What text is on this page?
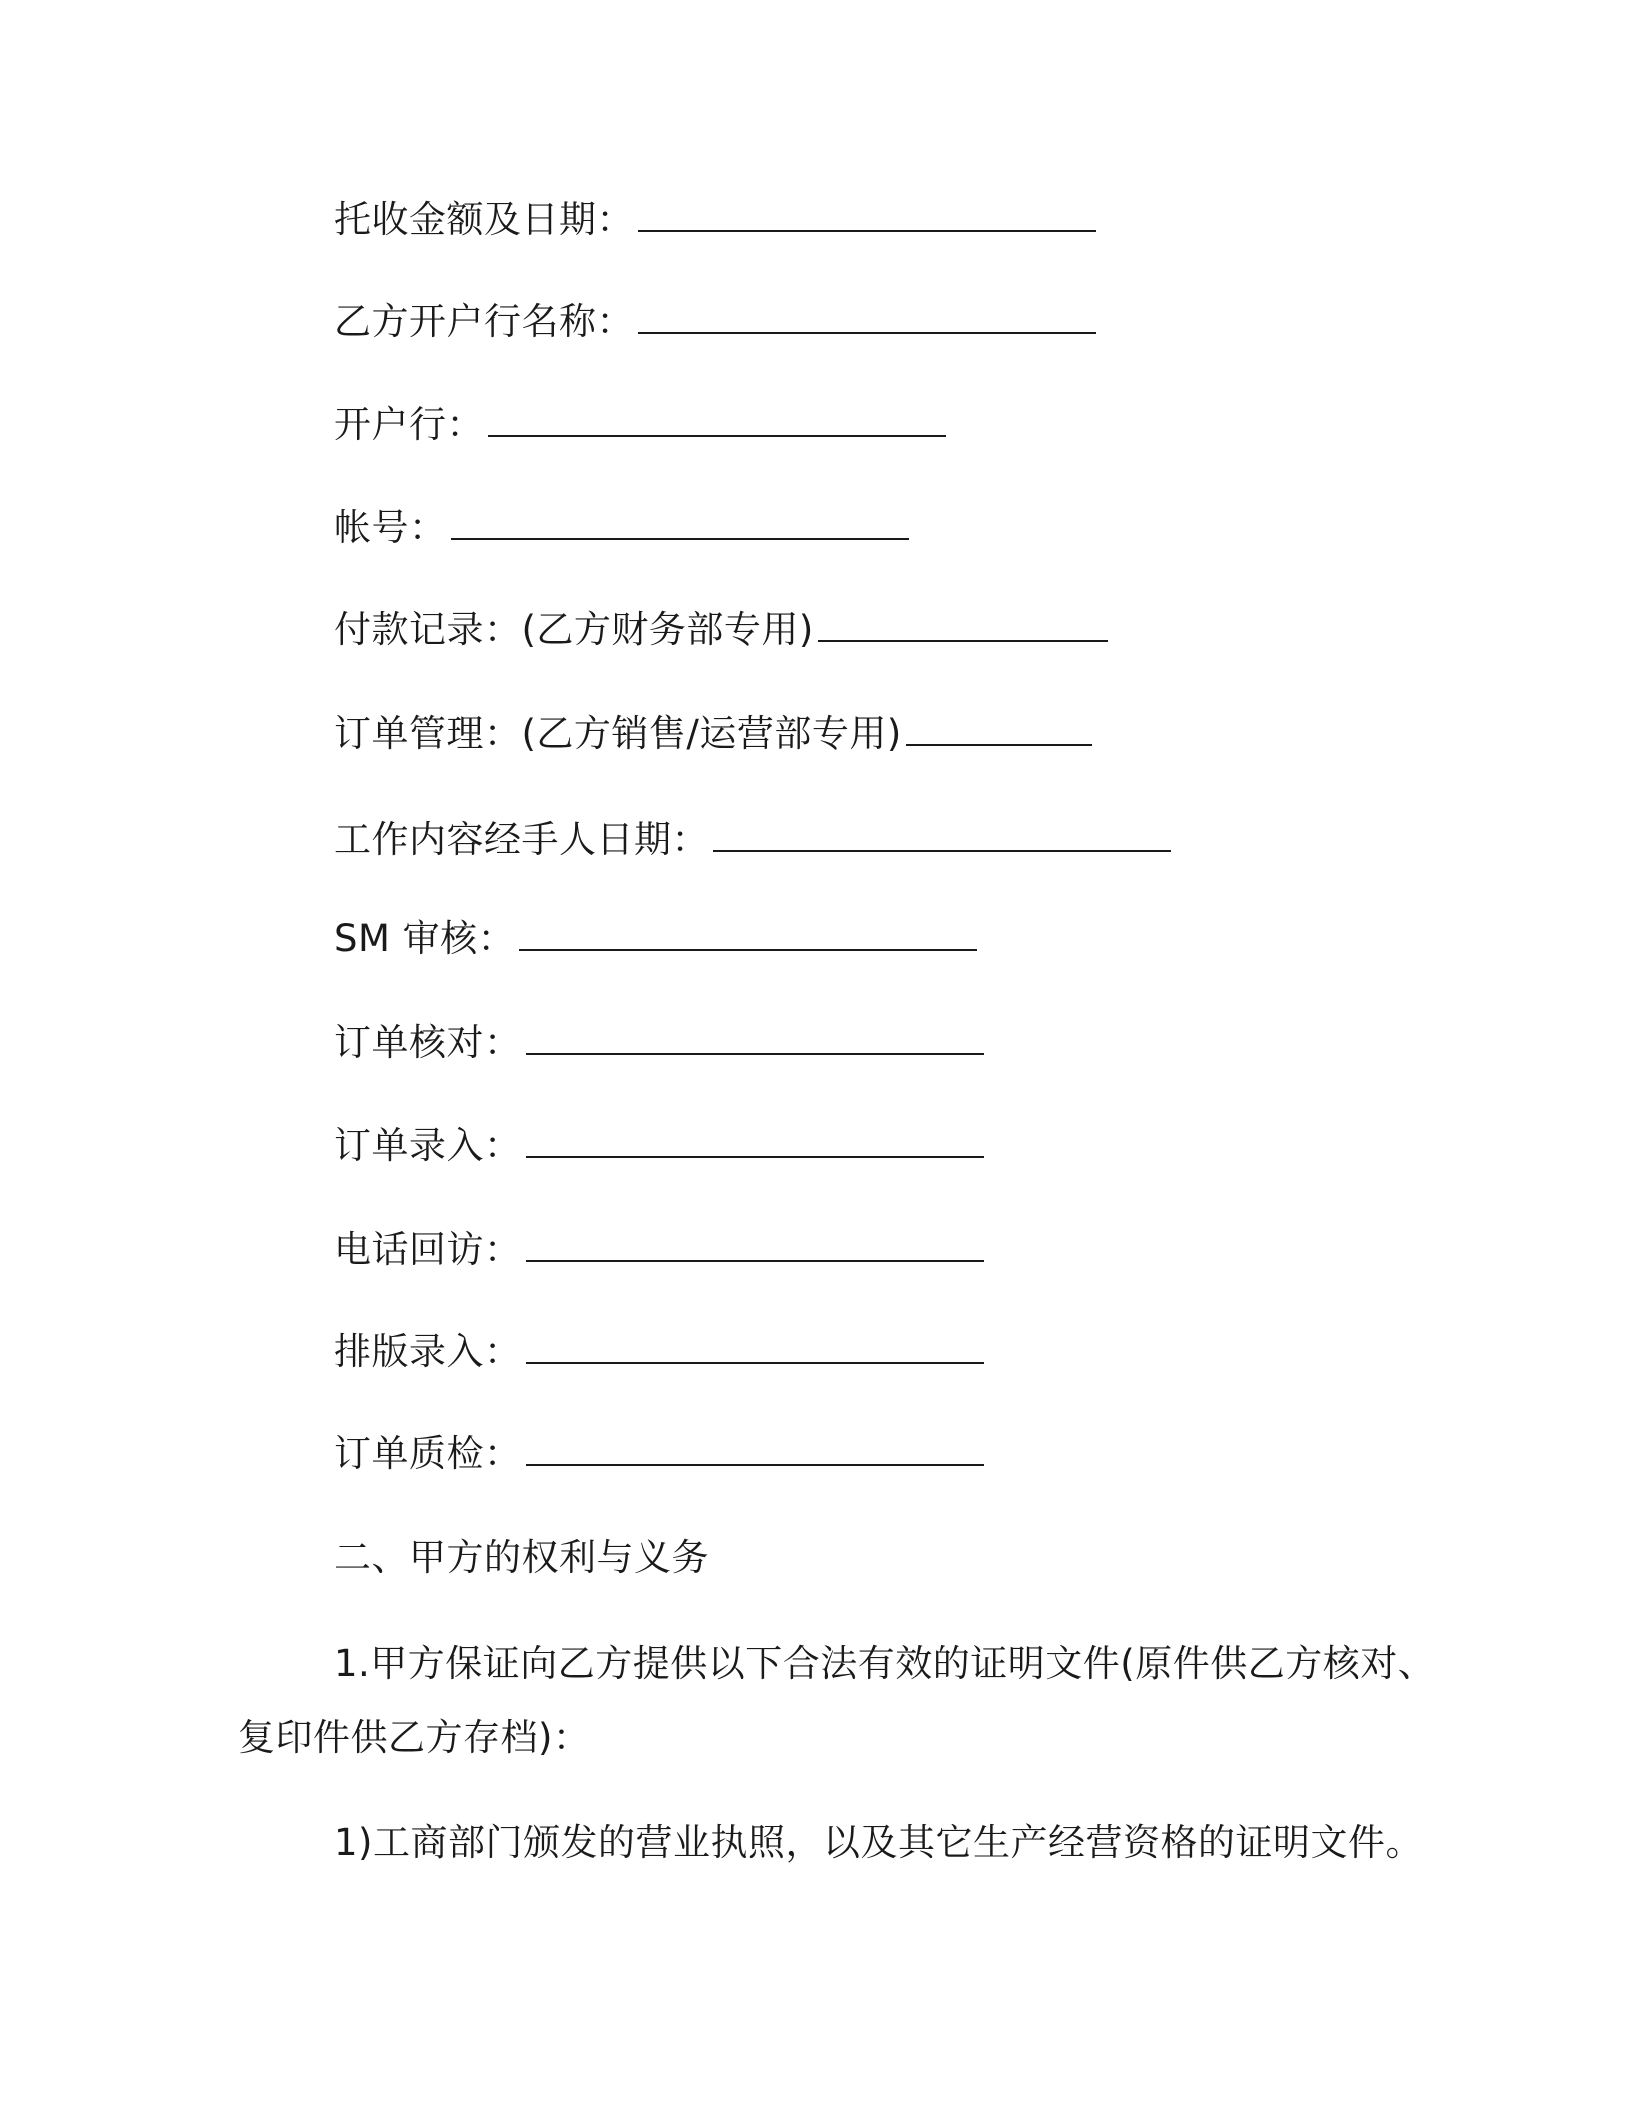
托收金额及日期：
乙方开户行名称：
开户行：
帐号：
付款记录：(乙方财务部专用)
订单管理：(乙方销售/运营部专用)
工作内容经手人日期：
SM 审核：
订单核对：
订单录入：
电话回访：
排版录入：
订单质检：
二、甲方的权利与义务
1.甲方保证向乙方提供以下合法有效的证明文件(原件供乙方核对、
复印件供乙方存档)：
1)工商部门颁发的营业执照，以及其它生产经营资格的证明文件。
